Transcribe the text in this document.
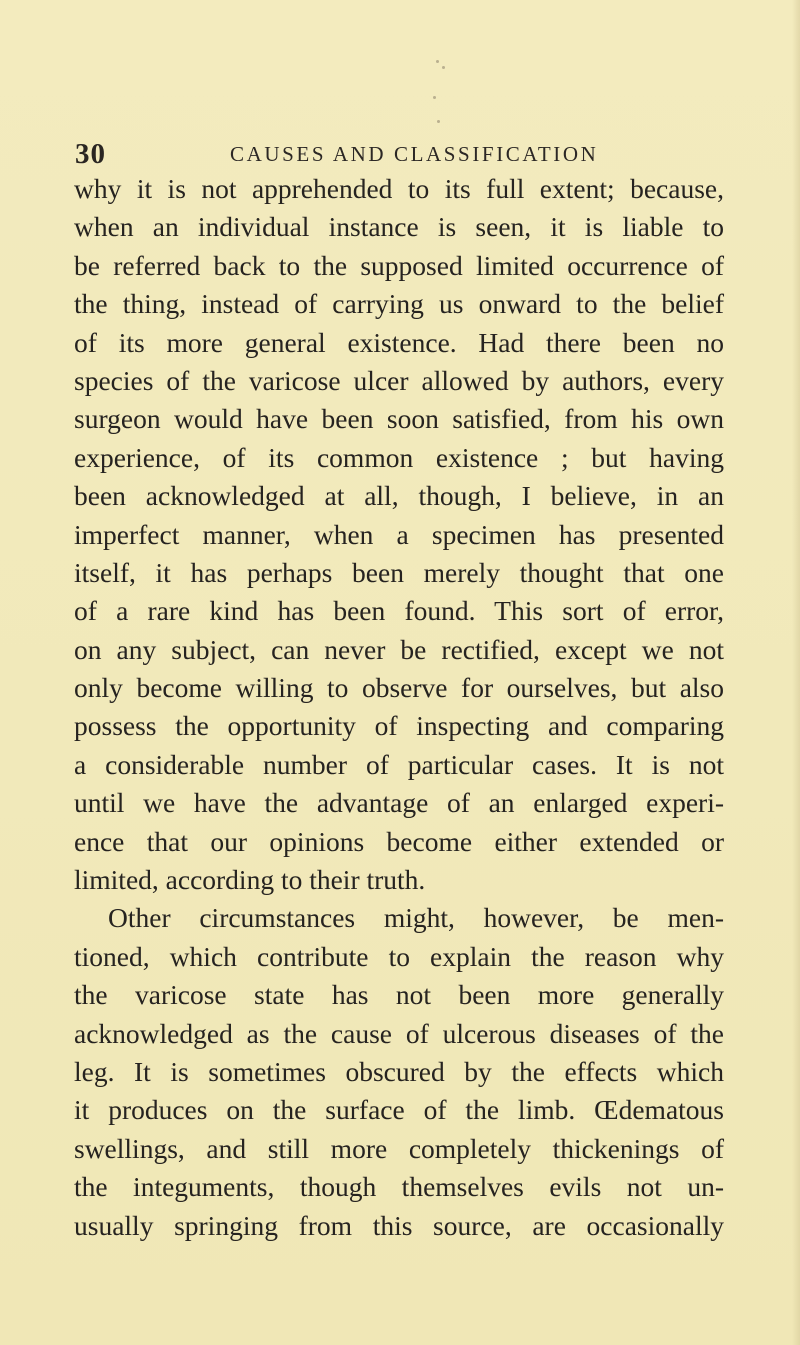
30	CAUSES AND CLASSIFICATION
why it is not apprehended to its full extent; because,
when an individual instance is seen, it is liable to
be referred back to the supposed limited occurrence of
the thing, instead of carrying us onward to the belief
of its more general existence. Had there been no
species of the varicose ulcer allowed by authors, every
surgeon would have been soon satisfied, from his own
experience, of its common existence ; but having
been acknowledged at all, though, I believe, in an
imperfect manner, when a specimen has presented
itself, it has perhaps been merely thought that one
of a rare kind has been found. This sort of error,
on any subject, can never be rectified, except we not
only become willing to observe for ourselves, but also
possess the opportunity of inspecting and comparing
a considerable number of particular cases. It is not
until we have the advantage of an enlarged experi-
ence that our opinions become either extended or
limited, according to their truth.
Other circumstances might, however, be men-
tioned, which contribute to explain the reason why
the varicose state has not been more generally
acknowledged as the cause of ulcerous diseases of the
leg. It is sometimes obscured by the effects which
it produces on the surface of the limb. Œdematous
swellings, and still more completely thickenings of
the integuments, though themselves evils not un-
usually springing from this source, are occasionally
